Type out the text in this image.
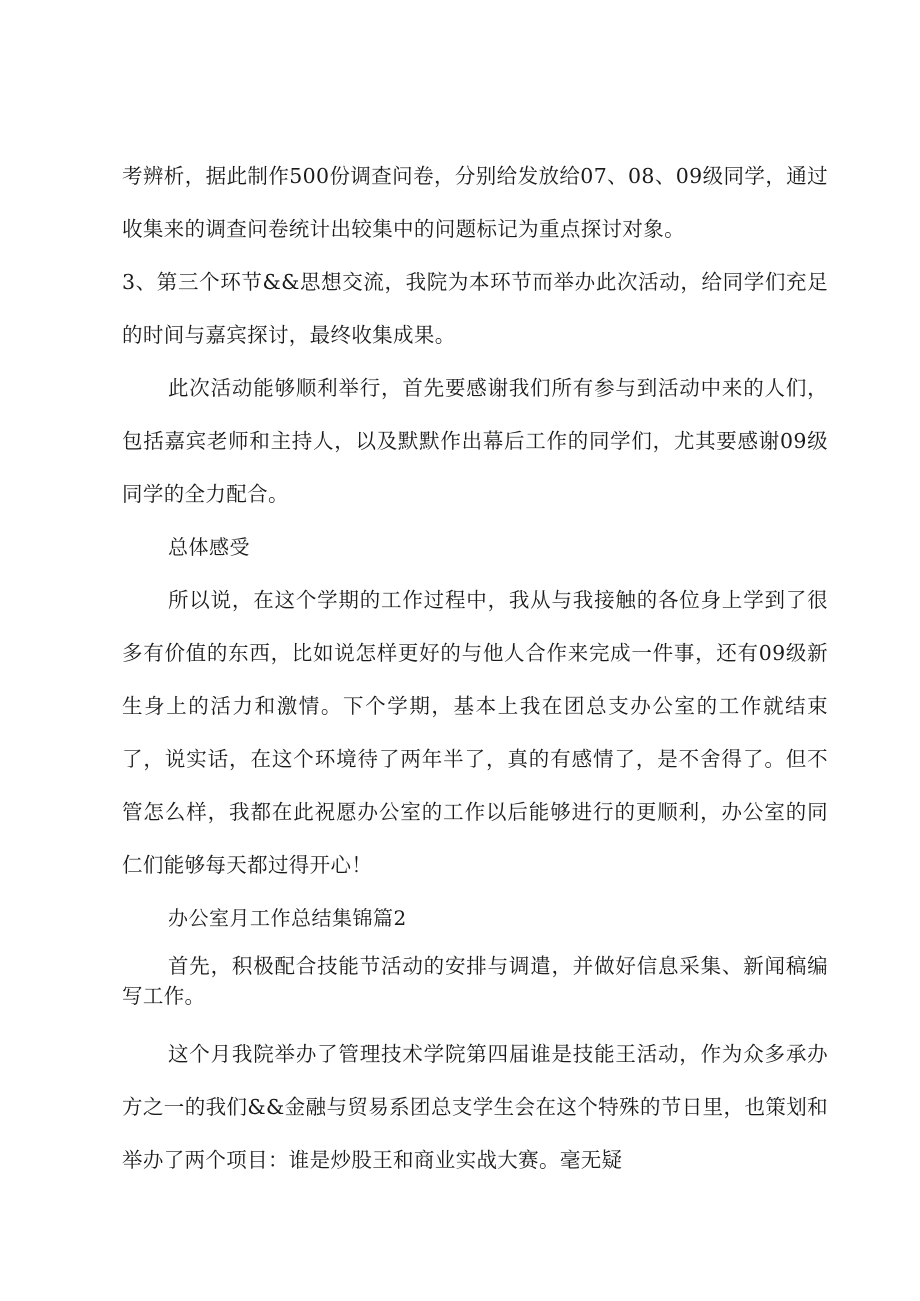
考辨析，据此制作500份调查问卷，分别给发放给07、08、09级同学，通过收集来的调查问卷统计出较集中的问题标记为重点探讨对象。

3、第三个环节&&思想交流，我院为本环节而举办此次活动，给同学们充足的时间与嘉宾探讨，最终收集成果。

此次活动能够顺利举行，首先要感谢我们所有参与到活动中来的人们，包括嘉宾老师和主持人，以及默默作出幕后工作的同学们，尤其要感谢09级同学的全力配合。

总体感受

所以说，在这个学期的工作过程中，我从与我接触的各位身上学到了很多有价值的东西，比如说怎样更好的与他人合作来完成一件事，还有09级新生身上的活力和激情。下个学期，基本上我在团总支办公室的工作就结束了，说实话，在这个环境待了两年半了，真的有感情了，是不舍得了。但不管怎么样，我都在此祝愿办公室的工作以后能够进行的更顺利，办公室的同仁们能够每天都过得开心！

办公室月工作总结集锦篇2

首先，积极配合技能节活动的安排与调遣，并做好信息采集、新闻稿编写工作。

这个月我院举办了管理技术学院第四届谁是技能王活动，作为众多承办方之一的我们&&金融与贸易系团总支学生会在这个特殊的节日里，也策划和举办了两个项目：谁是炒股王和商业实战大赛。毫无疑
